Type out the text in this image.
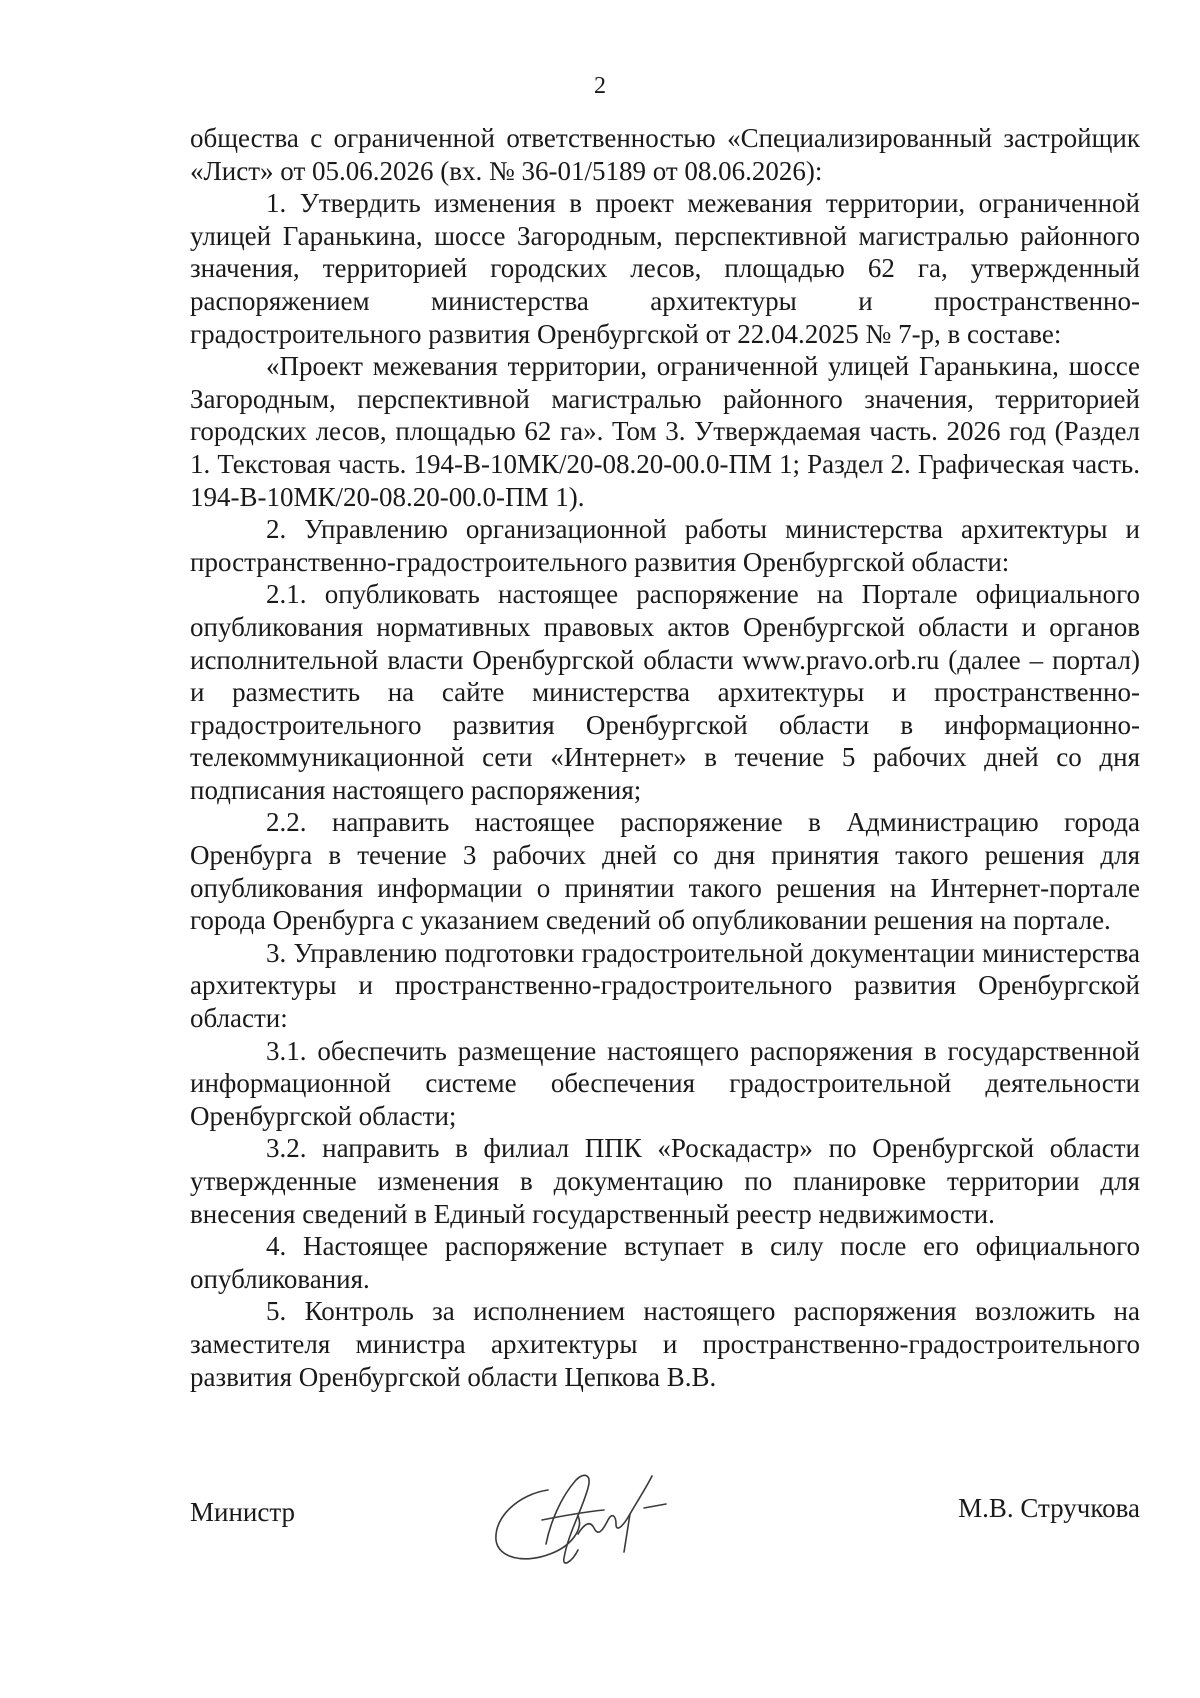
2

общества с ограниченной ответственностью «Специализированный застройщик «Лист» от 05.06.2026 (вх. № 36-01/5189 от 08.06.2026):

1. Утвердить изменения в проект межевания территории, ограниченной улицей Гаранькина, шоссе Загородным, перспективной магистралью районного значения, территорией городских лесов, площадью 62 га, утвержденный распоряжением министерства архитектуры и пространственно-градостроительного развития Оренбургской от 22.04.2025 № 7-р, в составе:

«Проект межевания территории, ограниченной улицей Гаранькина, шоссе Загородным, перспективной магистралью районного значения, территорией городских лесов, площадью 62 га». Том 3. Утверждаемая часть. 2026 год (Раздел 1. Текстовая часть. 194-В-10МК/20-08.20-00.0-ПМ 1; Раздел 2. Графическая часть. 194-В-10МК/20-08.20-00.0-ПМ 1).

2. Управлению организационной работы министерства архитектуры и пространственно-градостроительного развития Оренбургской области:

2.1. опубликовать настоящее распоряжение на Портале официального опубликования нормативных правовых актов Оренбургской области и органов исполнительной власти Оренбургской области www.pravo.orb.ru (далее – портал) и разместить на сайте министерства архитектуры и пространственно-градостроительного развития Оренбургской области в информационно-телекоммуникационной сети «Интернет» в течение 5 рабочих дней со дня подписания настоящего распоряжения;

2.2. направить настоящее распоряжение в Администрацию города Оренбурга в течение 3 рабочих дней со дня принятия такого решения для опубликования информации о принятии такого решения на Интернет-портале города Оренбурга с указанием сведений об опубликовании решения на портале.

3. Управлению подготовки градостроительной документации министерства архитектуры и пространственно-градостроительного развития Оренбургской области:

3.1. обеспечить размещение настоящего распоряжения в государственной информационной системе обеспечения градостроительной деятельности Оренбургской области;

3.2. направить в филиал ППК «Роскадастр» по Оренбургской области утвержденные изменения в документацию по планировке территории для внесения сведений в Единый государственный реестр недвижимости.

4. Настоящее распоряжение вступает в силу после его официального опубликования.

5. Контроль за исполнением настоящего распоряжения возложить на заместителя министра архитектуры и пространственно-градостроительного развития Оренбургской области Цепкова В.В.

Министр	М.В. Стручкова
